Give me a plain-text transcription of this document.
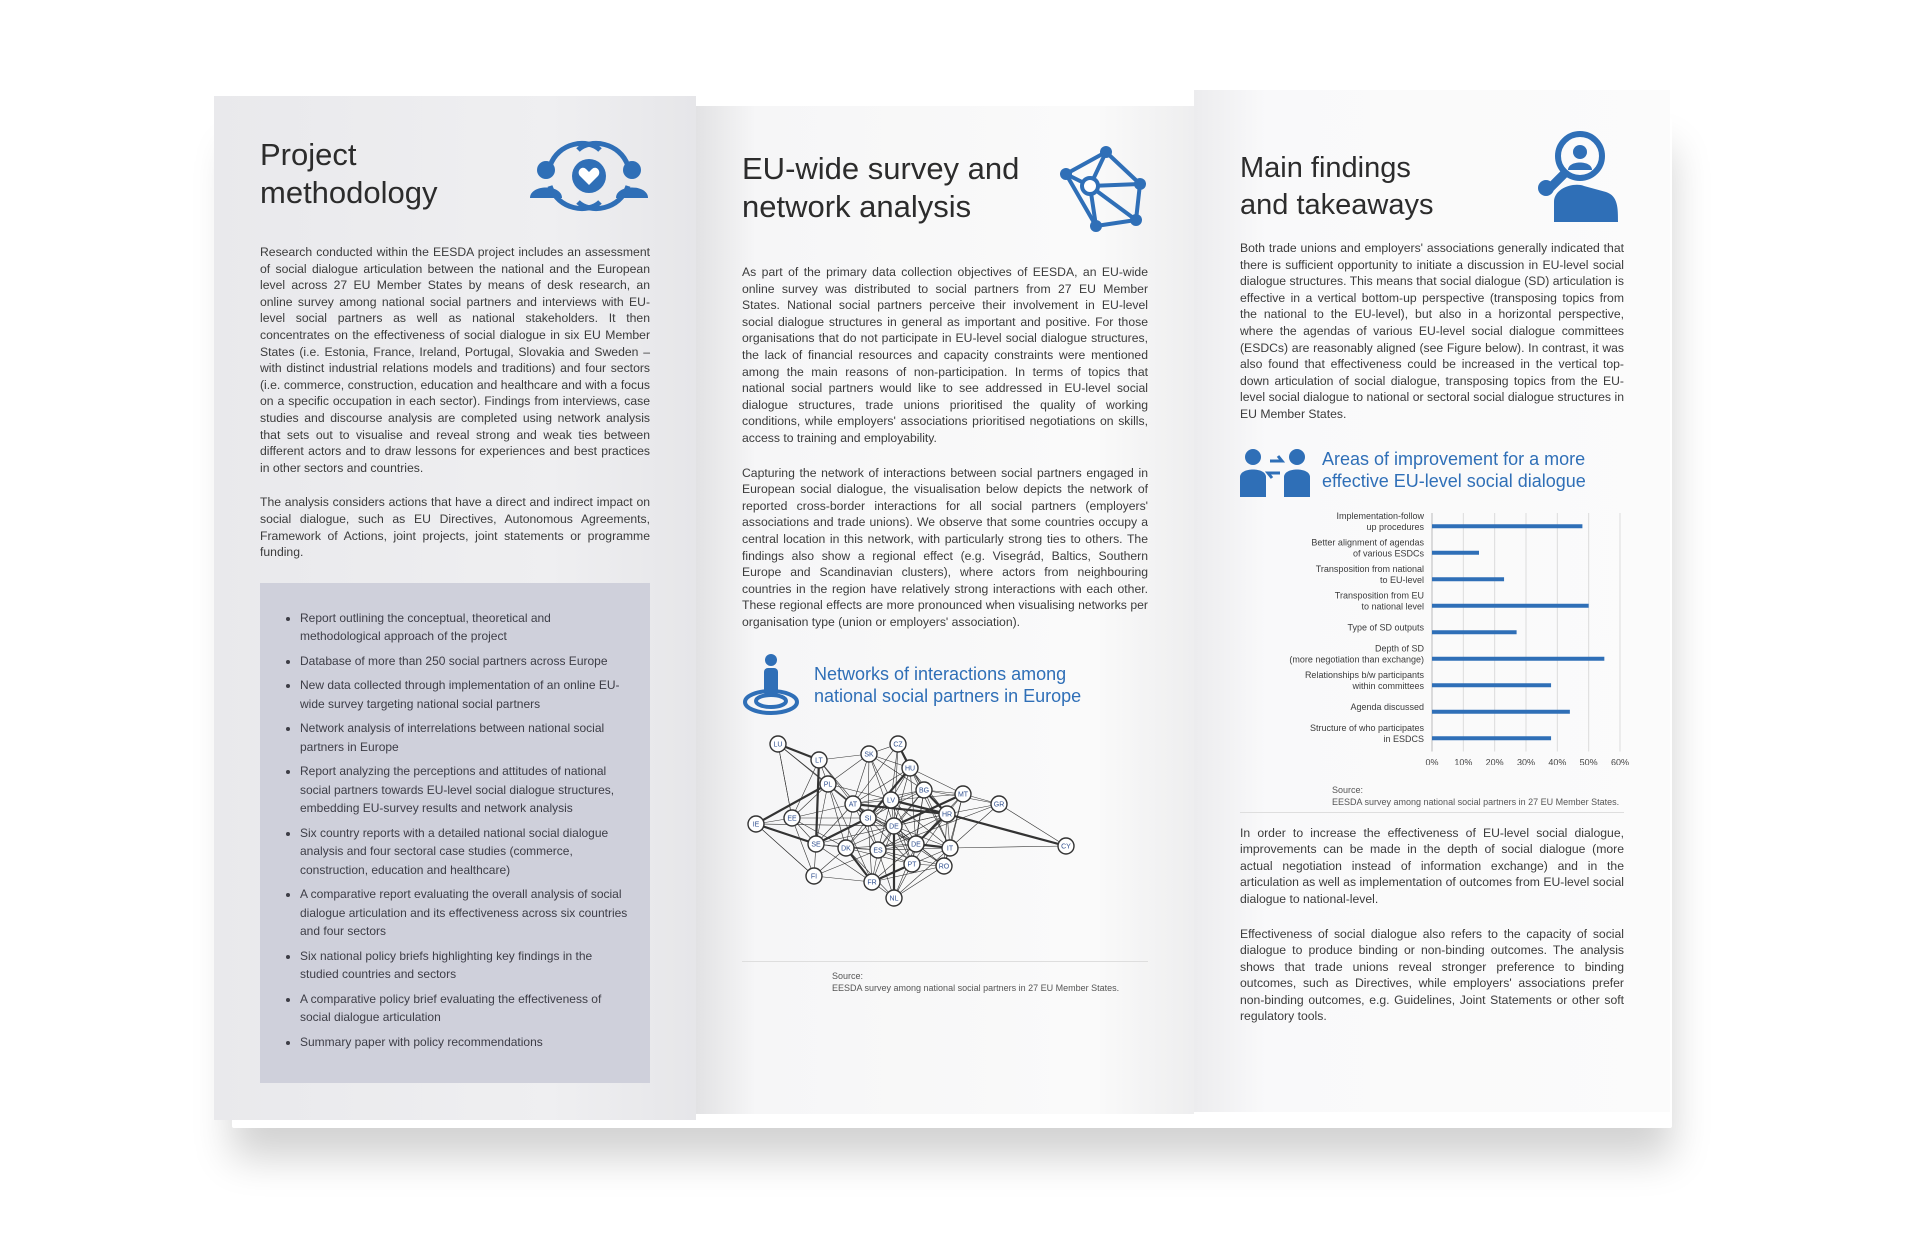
Project
methodology

Research conducted within the EESDA project includes an assessment of social dialogue articulation between the national and the European level across 27 EU Member States by means of desk research, an online survey among national social partners and interviews with EU-level social partners as well as national stakeholders. It then concentrates on the effectiveness of social dialogue in six EU Member States (i.e. Estonia, France, Ireland, Portugal, Slovakia and Sweden – with distinct industrial relations models and traditions) and four sectors (i.e. commerce, construction, education and healthcare and with a focus on a specific occupation in each sector). Findings from interviews, case studies and discourse analysis are completed using network analysis that sets out to visualise and reveal strong and weak ties between different actors and to draw lessons for experiences and best practices in other sectors and countries.

The analysis considers actions that have a direct and indirect impact on social dialogue, such as EU Directives, Autonomous Agreements, Framework of Actions, joint projects, joint statements or programme funding.

• Report outlining the conceptual, theoretical and methodological approach of the project
• Database of more than 250 social partners across Europe
• New data collected through implementation of an online EU-wide survey targeting national social partners
• Network analysis of interrelations between national social partners in Europe
• Report analyzing the perceptions and attitudes of national social partners towards EU-level social dialogue structures, embedding EU-survey results and network analysis
• Six country reports with a detailed national social dialogue analysis and four sectoral case studies (commerce, construction, education and healthcare)
• A comparative report evaluating the overall analysis of social dialogue articulation and its effectiveness across six countries and four sectors
• Six national policy briefs highlighting key findings in the studied countries and sectors
• A comparative policy brief evaluating the effectiveness of social dialogue articulation
• Summary paper with policy recommendations
EU-wide survey and
network analysis

As part of the primary data collection objectives of EESDA, an EU-wide online survey was distributed to social partners from 27 EU Member States. National social partners perceive their involvement in EU-level social dialogue structures in general as important and positive. For those organisations that do not participate in EU-level social dialogue structures, the lack of financial resources and capacity constraints were mentioned among the main reasons of non-participation. In terms of topics that national social partners would like to see addressed in EU-level social dialogue structures, trade unions prioritised the quality of working conditions, while employers' associations prioritised negotiations on skills, access to training and employability.

Capturing the network of interactions between social partners engaged in European social dialogue, the visualisation below depicts the network of reported cross-border interactions for all social partners (employers' associations and trade unions). We observe that some countries occupy a central location in this network, with particularly strong ties to others. The findings also show a regional effect (e.g. Visegrád, Baltics, Southern Europe and Scandinavian clusters), where actors from neighbouring countries in the region have relatively strong interactions with each other. These regional effects are more pronounced when visualising networks per organisation type (union or employers' association).

Networks of interactions among
national social partners in Europe
LU
LT
SK
CZ
HU
PL
BG
MT
GR
AT
LV
SI
HR
EE
IE	DE
SE
DK	ES
DE
IT	CY
PT	RO
FI
FR
NL
Source:
EESDA survey among national social partners in 27 EU Member States.
Main findings
and takeaways

Both trade unions and employers' associations generally indicated that there is sufficient opportunity to initiate a discussion in EU-level social dialogue structures. This means that social dialogue (SD) articulation is effective in a vertical bottom-up perspective (transposing topics from the national to the EU-level), but also in a horizontal perspective, where the agendas of various EU-level social dialogue committees (ESDCs) are reasonably aligned (see Figure below). In contrast, it was also found that effectiveness could be increased in the vertical top-down articulation of social dialogue, transposing topics from the EU-level social dialogue to national or sectoral social dialogue structures in EU Member States.

Areas of improvement for a more
effective EU-level social dialogue
0% 10% 20% 30% 40% 50% 60%
Implementation-follow up procedures
Better alignment of agendas of various ESDCs
Transposition from national to EU-level
Transposition from EU to national level
Type of SD outputs
Depth of SD (more negotiation than exchange)
Relationships b/w participants within committees
Agenda discussed
Structure of who participates in ESDCS
Source:
EESDA survey among national social partners in 27 EU Member States.

In order to increase the effectiveness of EU-level social dialogue, improvements can be made in the depth of social dialogue (more actual negotiation instead of information exchange) and in the articulation as well as implementation of outcomes from EU-level social dialogue to national-level.

Effectiveness of social dialogue also refers to the capacity of social dialogue to produce binding or non-binding outcomes. The analysis shows that trade unions reveal stronger preference to binding outcomes, such as Directives, while employers' associations prefer non-binding outcomes, e.g. Guidelines, Joint Statements or other soft regulatory tools.
